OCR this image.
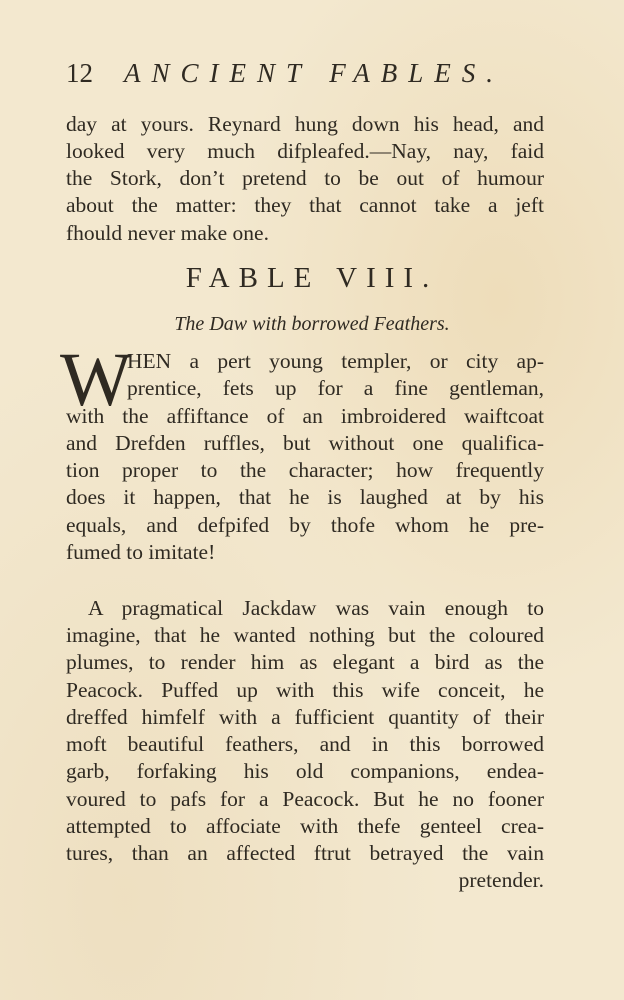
12 ANCIENT FABLES.
day at yours. Reynard hung down his head, and
looked very much difpleafed.—Nay, nay, faid
the Stork, don’t pretend to be out of humour
about the matter: they that cannot take a jeft
fhould never make one.
FABLE VIII.
The Daw with borrowed Feathers.
W
HEN a pert young templer, or city ap-
prentice, fets up for a fine gentleman,
with the affiftance of an imbroidered waiftcoat
and Drefden ruffles, but without one qualifica-
tion proper to the character; how frequently
does it happen, that he is laughed at by his
equals, and defpifed by thofe whom he pre-
fumed to imitate!
A pragmatical Jackdaw was vain enough to
imagine, that he wanted nothing but the coloured
plumes, to render him as elegant a bird as the
Peacock. Puffed up with this wife conceit, he
dreffed himfelf with a fufficient quantity of their
moft beautiful feathers, and in this borrowed
garb, forfaking his old companions, endea-
voured to pafs for a Peacock. But he no fooner
attempted to affociate with thefe genteel crea-
tures, than an affected ftrut betrayed the vain
pretender.
